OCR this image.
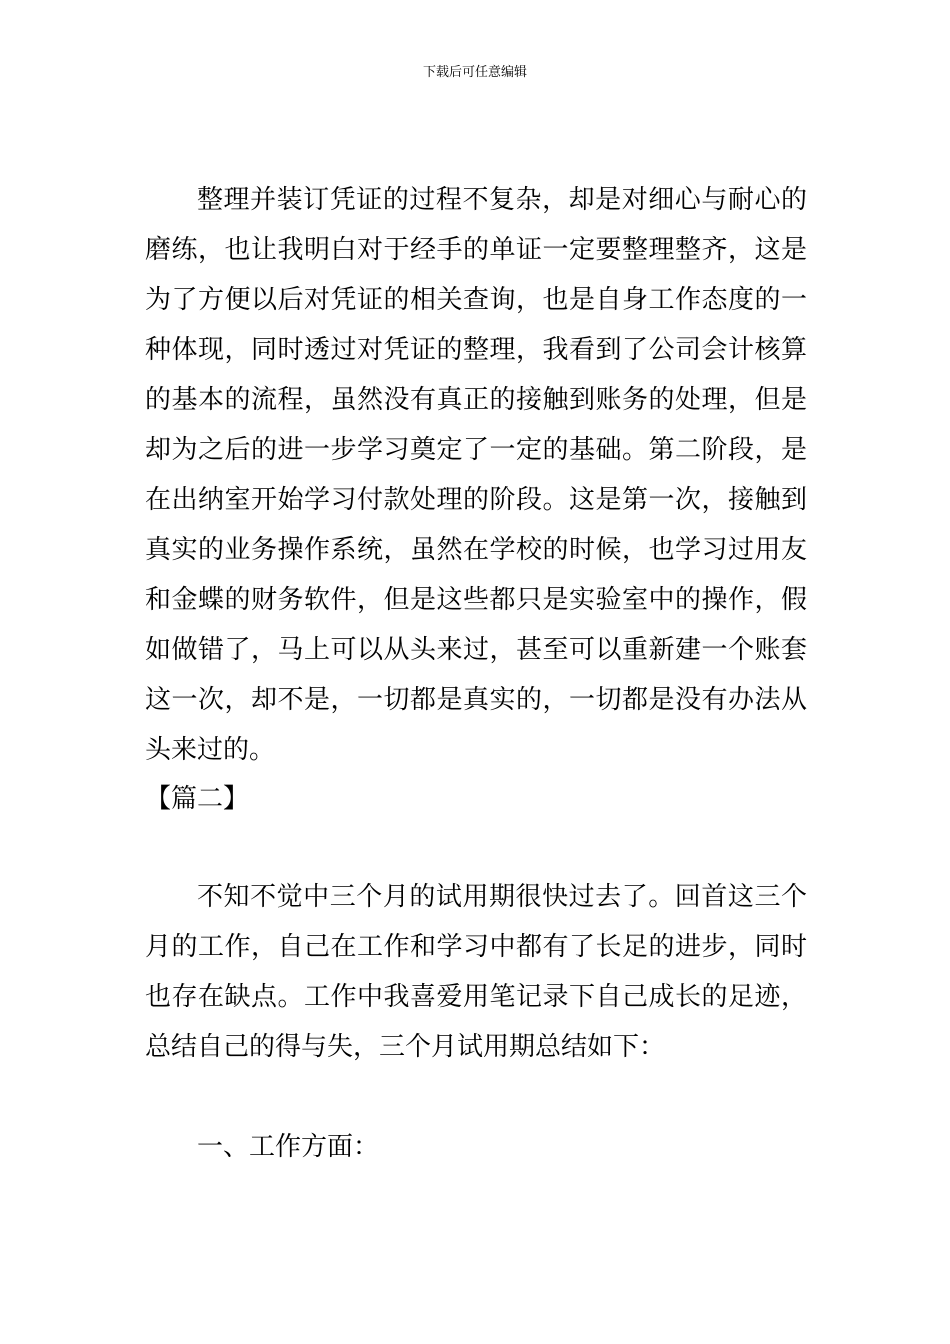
下载后可任意编辑

整理并装订凭证的过程不复杂，却是对细心与耐心的磨练，也让我明白对于经手的单证一定要整理整齐，这是为了方便以后对凭证的相关查询，也是自身工作态度的一种体现，同时透过对凭证的整理，我看到了公司会计核算的基本的流程，虽然没有真正的接触到账务的处理，但是却为之后的进一步学习奠定了一定的基础。第二阶段，是在出纳室开始学习付款处理的阶段。这是第一次，接触到真实的业务操作系统，虽然在学校的时候，也学习过用友和金蝶的财务软件，但是这些都只是实验室中的操作，假如做错了，马上可以从头来过，甚至可以重新建一个账套这一次，却不是，一切都是真实的，一切都是没有办法从头来过的。

【篇二】

不知不觉中三个月的试用期很快过去了。回首这三个月的工作，自己在工作和学习中都有了长足的进步，同时也存在缺点。工作中我喜爱用笔记录下自己成长的足迹，总结自己的得与失，三个月试用期总结如下：

一、工作方面：
